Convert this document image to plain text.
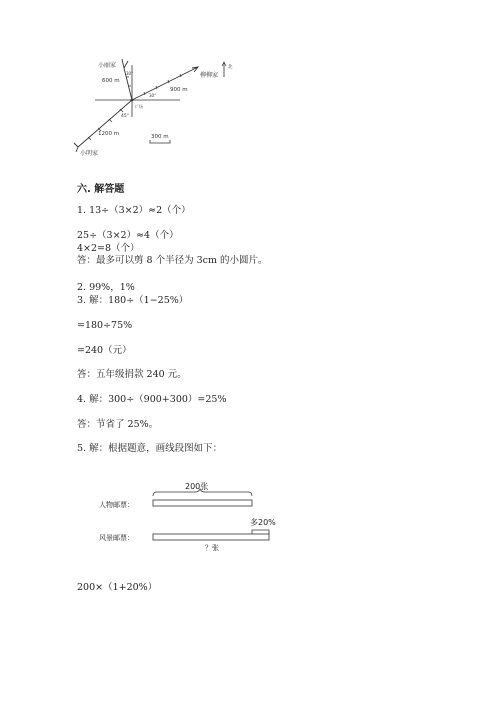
小丽家
柳柳家
小明家
广场
北
600 m
900 m
1200 m
30°
30°
45°
300 m
六. 解答题
1. 13÷（3×2）≈2（个）
25÷（3×2）≈4（个）
4×2=8（个）
答：最多可以剪 8 个半径为 3cm 的小圆片。
2. 99%，1%
3. 解：180÷（1−25%）
=180÷75%
=240（元）
答：五年级捐款 240 元。
4. 解：300÷（900+300）=25%
答：节省了 25%。
5. 解：根据题意，画线段图如下：
200张
人物邮票：
多20%
风景邮票：
？张
200×（1+20%）
